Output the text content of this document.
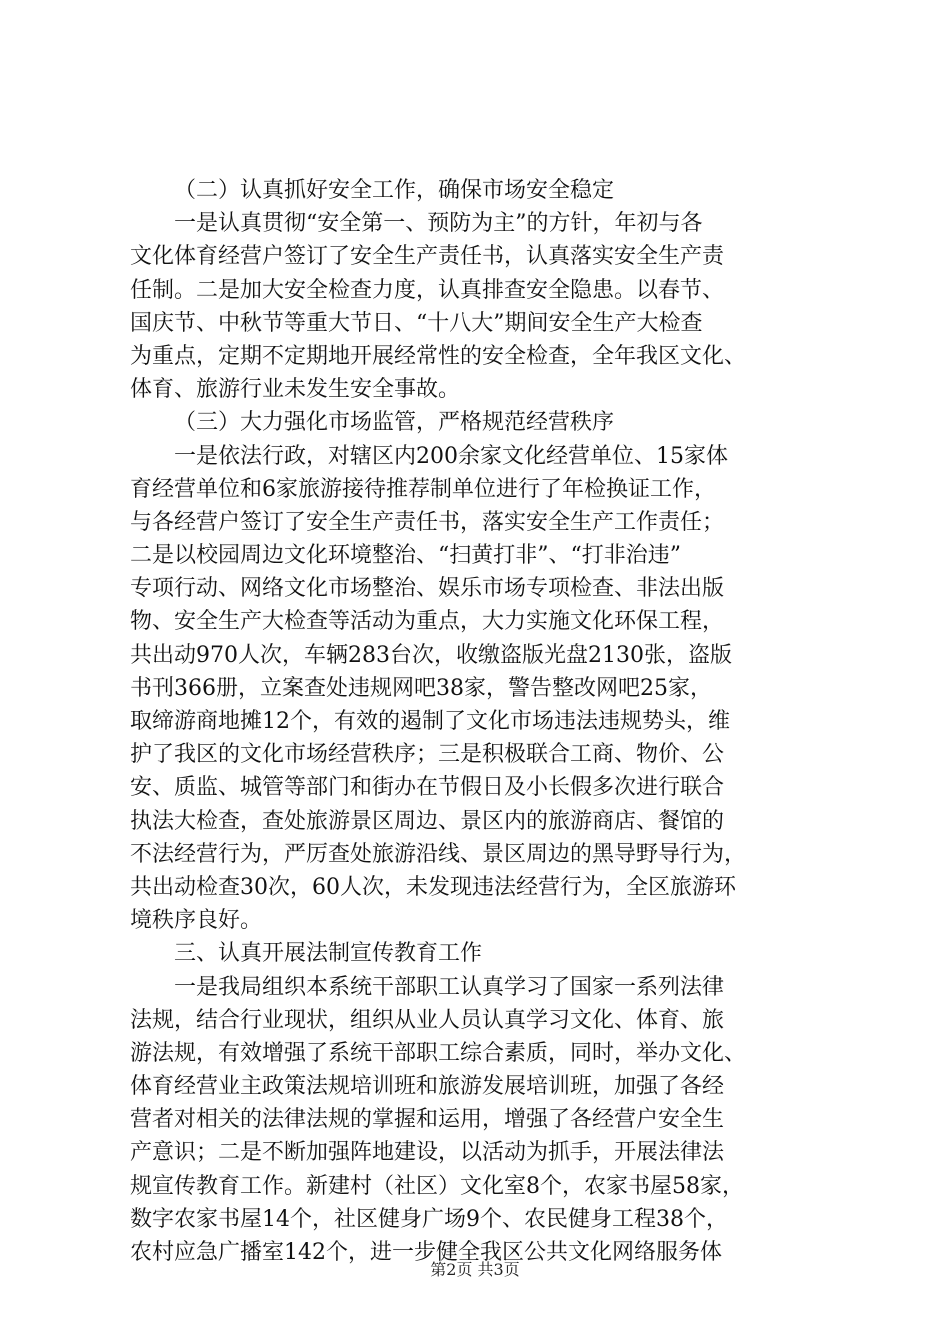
（二）认真抓好安全工作，确保市场安全稳定
一是认真贯彻“安全第一、预防为主”的方针，年初与各
文化体育经营户签订了安全生产责任书，认真落实安全生产责
任制。二是加大安全检查力度，认真排查安全隐患。以春节、
国庆节、中秋节等重大节日、“十八大”期间安全生产大检查
为重点，定期不定期地开展经常性的安全检查，全年我区文化、
体育、旅游行业未发生安全事故。
（三）大力强化市场监管，严格规范经营秩序
一是依法行政，对辖区内200余家文化经营单位、15家体
育经营单位和6家旅游接待推荐制单位进行了年检换证工作，
与各经营户签订了安全生产责任书，落实安全生产工作责任；
二是以校园周边文化环境整治、“扫黄打非”、“打非治违”
专项行动、网络文化市场整治、娱乐市场专项检查、非法出版
物、安全生产大检查等活动为重点，大力实施文化环保工程，
共出动970人次，车辆283台次，收缴盗版光盘2130张，盗版
书刊366册，立案查处违规网吧38家，警告整改网吧25家，
取缔游商地摊12个，有效的遏制了文化市场违法违规势头，维
护了我区的文化市场经营秩序；三是积极联合工商、物价、公
安、质监、城管等部门和街办在节假日及小长假多次进行联合
执法大检查，查处旅游景区周边、景区内的旅游商店、餐馆的
不法经营行为，严厉查处旅游沿线、景区周边的黑导野导行为，
共出动检查30次，60人次，未发现违法经营行为，全区旅游环
境秩序良好。
三、认真开展法制宣传教育工作
一是我局组织本系统干部职工认真学习了国家一系列法律
法规，结合行业现状，组织从业人员认真学习文化、体育、旅
游法规，有效增强了系统干部职工综合素质，同时，举办文化、
体育经营业主政策法规培训班和旅游发展培训班，加强了各经
营者对相关的法律法规的掌握和运用，增强了各经营户安全生
产意识；二是不断加强阵地建设，以活动为抓手，开展法律法
规宣传教育工作。新建村（社区）文化室8个，农家书屋58家，
数字农家书屋14个，社区健身广场9个、农民健身工程38个，
农村应急广播室142个，进一步健全我区公共文化网络服务体
第2页 共3页
